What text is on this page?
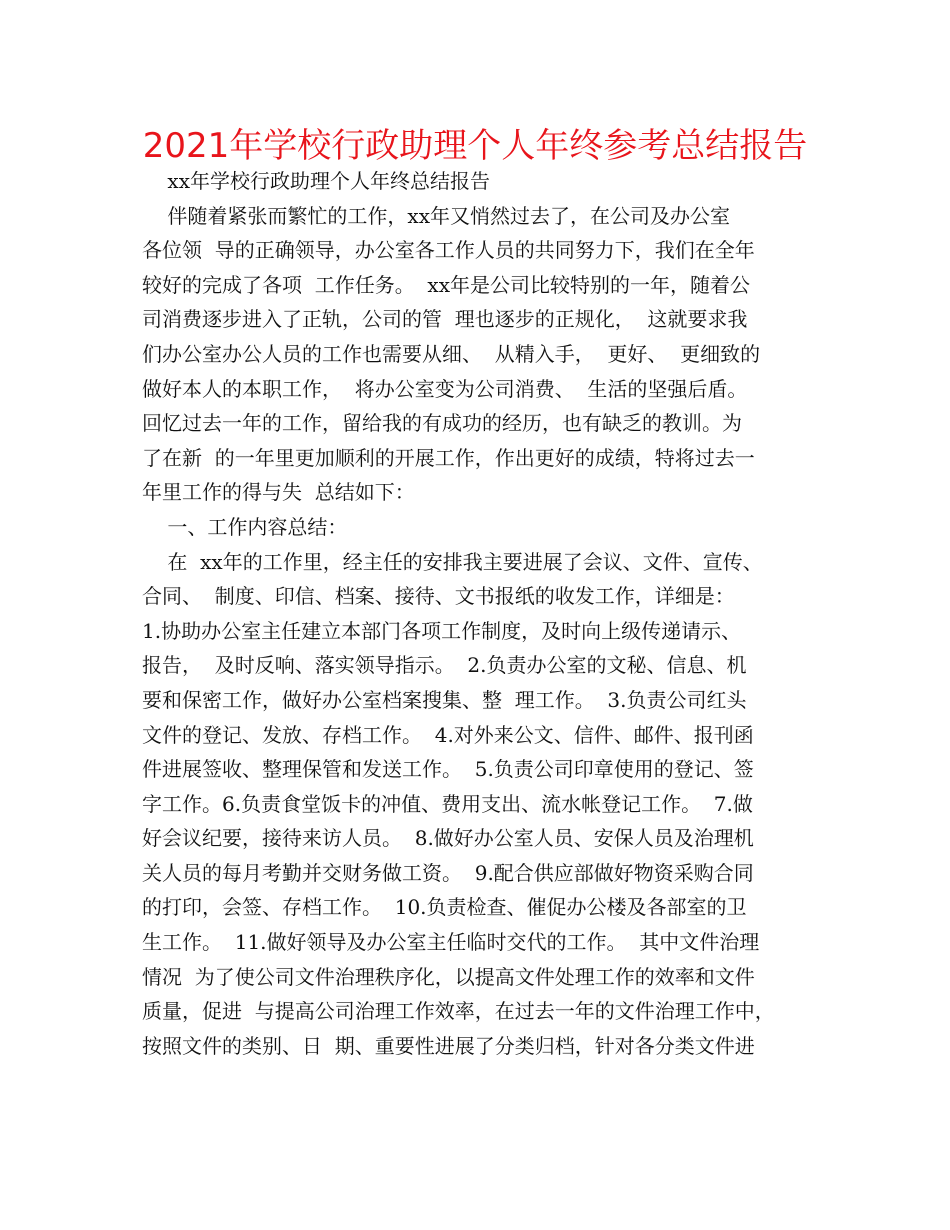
2021年学校行政助理个人年终参考总结报告
xx年学校行政助理个人年终总结报告
伴随着紧张而繁忙的工作，xx年又悄然过去了，在公司及办公室
各位领  导的正确领导，办公室各工作人员的共同努力下，我们在全年
较好的完成了各项  工作任务。  xx年是公司比较特别的一年，随着公
司消费逐步进入了正轨，公司的管  理也逐步的正规化，  这就要求我
们办公室办公人员的工作也需要从细、  从精入手，  更好、  更细致的
做好本人的本职工作，  将办公室变为公司消费、  生活的坚强后盾。
回忆过去一年的工作，留给我的有成功的经历，也有缺乏的教训。为
了在新  的一年里更加顺利的开展工作，作出更好的成绩，特将过去一
年里工作的得与失  总结如下：
一、工作内容总结：
在  xx年的工作里，经主任的安排我主要进展了会议、文件、宣传、
合同、  制度、印信、档案、接待、文书报纸的收发工作，详细是：
1.协助办公室主任建立本部门各项工作制度，及时向上级传递请示、
报告，  及时反响、落实领导指示。  2.负责办公室的文秘、信息、机
要和保密工作，做好办公室档案搜集、整  理工作。  3.负责公司红头
文件的登记、发放、存档工作。  4.对外来公文、信件、邮件、报刊函
件进展签收、整理保管和发送工作。  5.负责公司印章使用的登记、签
字工作。6.负责食堂饭卡的冲值、费用支出、流水帐登记工作。  7.做
好会议纪要，接待来访人员。  8.做好办公室人员、安保人员及治理机
关人员的每月考勤并交财务做工资。  9.配合供应部做好物资采购合同
的打印，会签、存档工作。  10.负责检查、催促办公楼及各部室的卫
生工作。  11.做好领导及办公室主任临时交代的工作。  其中文件治理
情况  为了使公司文件治理秩序化，以提高文件处理工作的效率和文件
质量，促进  与提高公司治理工作效率，在过去一年的文件治理工作中，
按照文件的类别、日  期、重要性进展了分类归档，针对各分类文件进
